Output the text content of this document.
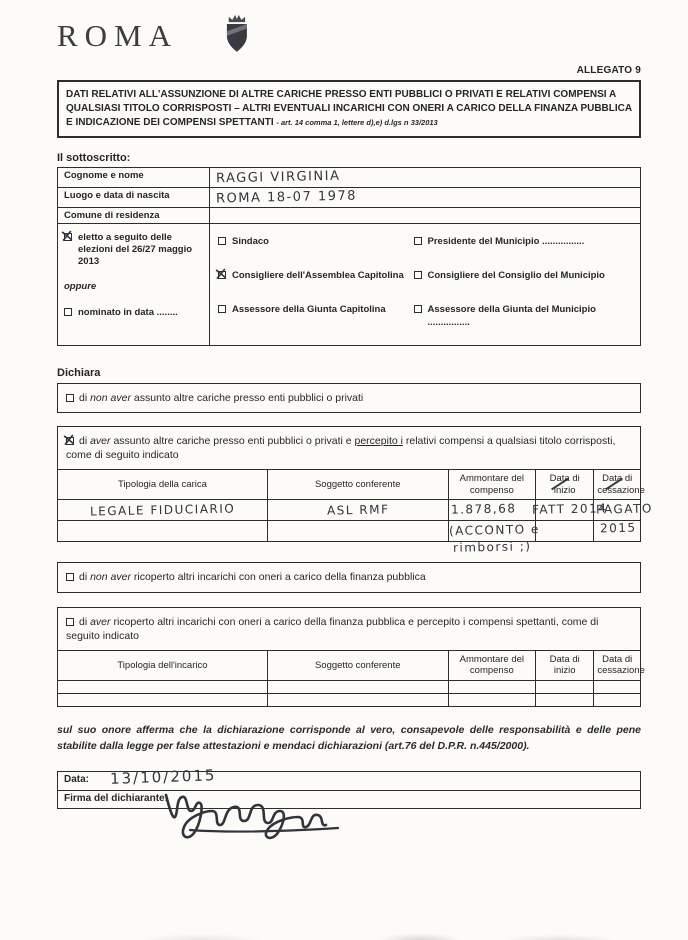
ROMA
ALLEGATO 9
DATI RELATIVI ALL'ASSUNZIONE DI ALTRE CARICHE PRESSO ENTI PUBBLICI O PRIVATI E RELATIVI COMPENSI A QUALSIASI TITOLO CORRISPOSTI – ALTRI EVENTUALI INCARICHI CON ONERI A CARICO DELLA FINANZA PUBBLICA E INDICAZIONE DEI COMPENSI SPETTANTI - art. 14 comma 1, lettere d),e) d.lgs n 33/2013
Il sottoscritto:
Cognome e nome	RAGGI VIRGINIA
Luogo e data di nascita	ROMA 18-07 1978
Comune di residenza	

✕
eletto a seguito delle elezioni del 26/27 maggio 2013
oppure
nominato in data ........

Sindaco	Presidente del Municipio ................
✕
Consigliere dell'Assemblea Capitolina	Consigliere del Consiglio del Municipio
Assessore della Giunta Capitolina	Assessore della Giunta del Municipio ................
Dichiara
di non aver assunto altre cariche presso enti pubblici o privati
✕di aver assunto altre cariche presso enti pubblici o privati e percepito i relativi compensi a qualsiasi titolo corrisposti, come di seguito indicato
Tipologia della carica	Soggetto conferente	Ammontare del compenso	Data di inizio	Data di cessazione

LEGALE FIDUCIARIO	ASL RMF	1.878,68	FATT 2014	PAGATO

		(ACCONTO e		2015
rimborsi ;)
di non aver ricoperto altri incarichi con oneri a carico della finanza pubblica
di aver ricoperto altri incarichi con oneri a carico della finanza pubblica e percepito i compensi spettanti, come di seguito indicato
Tipologia dell'incarico	Soggetto conferente	Ammontare del compenso	Data di inizio	Data di cessazione

sul suo onore afferma che la dichiarazione corrisponde al vero, consapevole delle responsabilità e delle pene stabilite dalla legge per false attestazioni e mendaci dichiarazioni (art.76 del D.P.R. n.445/2000).
Data: 13/10/2015
Firma del dichiarante:
